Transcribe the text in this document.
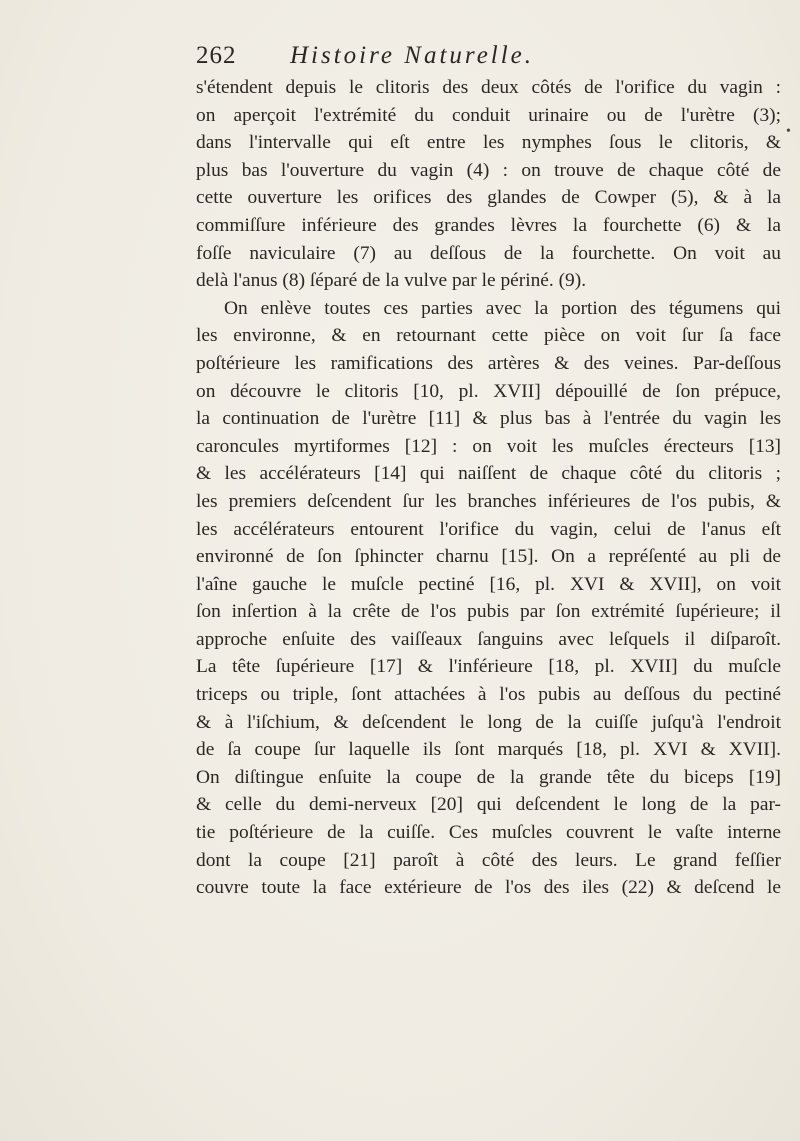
262 Histoire Naturelle.
s'étendent depuis le clitoris des deux côtés de l'orifice du vagin :
on aperçoit l'extrémité du conduit urinaire ou de l'urètre (3);
dans l'intervalle qui eſt entre les nymphes ſous le clitoris, &
plus bas l'ouverture du vagin (4) : on trouve de chaque côté de
cette ouverture les orifices des glandes de Cowper (5), & à la
commiſſure inférieure des grandes lèvres la fourchette (6) & la
foſſe naviculaire (7) au deſſous de la fourchette. On voit au
delà l'anus (8) ſéparé de la vulve par le périné. (9).
On enlève toutes ces parties avec la portion des tégumens qui
les environne, & en retournant cette pièce on voit ſur ſa face
poſtérieure les ramifications des artères & des veines. Par-deſſous
on découvre le clitoris [10, pl. XVII] dépouillé de ſon prépuce,
la continuation de l'urètre [11] & plus bas à l'entrée du vagin les
caroncules myrtiformes [12] : on voit les muſcles éreсteurs [13]
& les accélérateurs [14] qui naiſſent de chaque côté du clitoris ;
les premiers deſcendent ſur les branches inférieures de l'os pubis, &
les accélérateurs entourent l'orifice du vagin, celui de l'anus eſt
environné de ſon ſphincter charnu [15]. On a repréſenté au pli de
l'aîne gauche le muſcle pectiné [16, pl. XVI & XVII], on voit
ſon inſertion à la crête de l'os pubis par ſon extrémité ſupérieure; il
approche enſuite des vaiſſeaux ſanguins avec leſquels il diſparoît.
La tête ſupérieure [17] & l'inférieure [18, pl. XVII] du muſcle
triceps ou triple, ſont attachées à l'os pubis au deſſous du pectiné
& à l'iſchium, & deſcendent le long de la cuiſſe juſqu'à l'endroit
de ſa coupe ſur laquelle ils ſont marqués [18, pl. XVI & XVII].
On diſtingue enſuite la coupe de la grande tête du biceps [19]
& celle du demi-nerveux [20] qui deſcendent le long de la par-
tie poſtérieure de la cuiſſe. Ces muſcles couvrent le vaſte interne
dont la coupe [21] paroît à côté des leurs. Le grand feſſier
couvre toute la face extérieure de l'os des iles (22) & deſcend le
•
